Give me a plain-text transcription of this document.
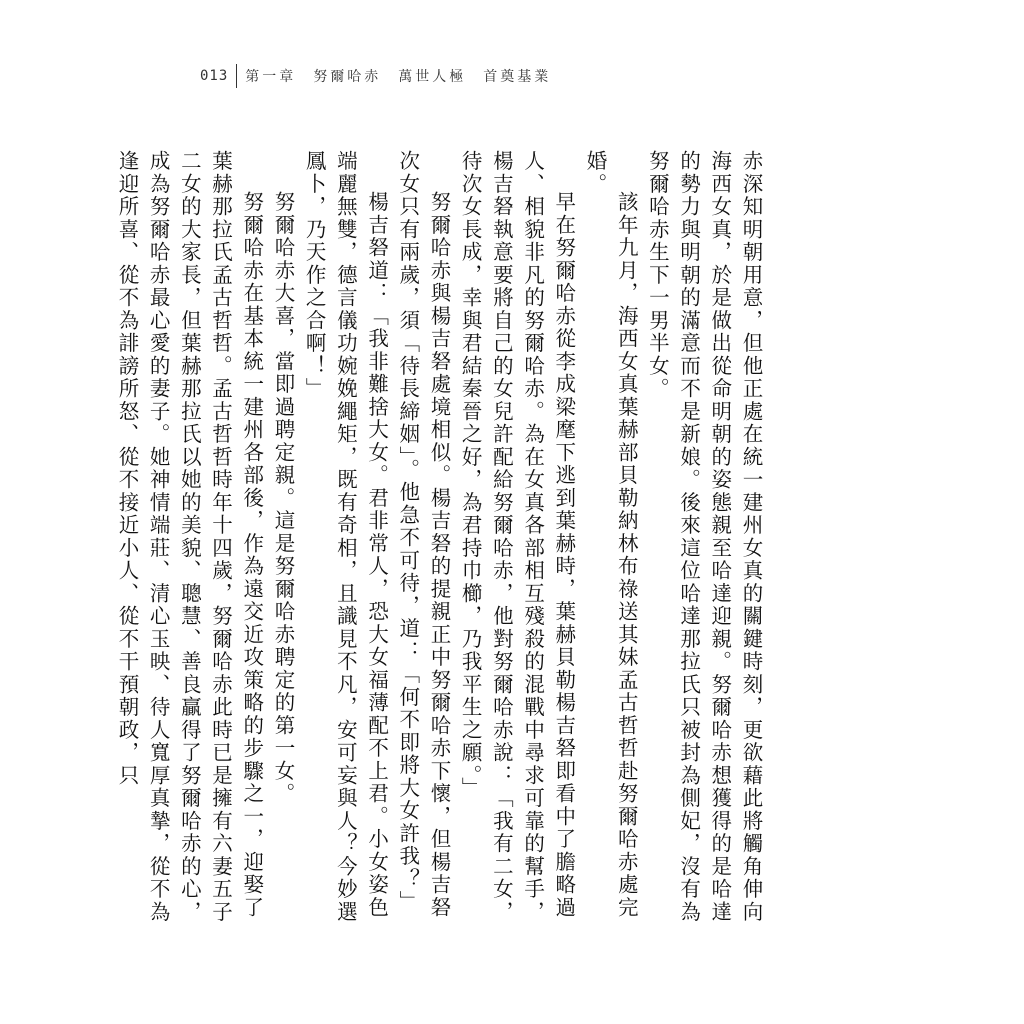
013	第一章　努爾哈赤　萬世人極　首奠基業

赤深知明朝用意，但他正處在統一建州女真的關鍵時刻，更欲藉此將觸角伸向海西女真，於是做出從命明朝的姿態親至哈達迎親。努爾哈赤想獲得的是哈達的勢力與明朝的滿意而不是新娘。後來這位哈達那拉氏只被封為側妃，沒有為努爾哈赤生下一男半女。

該年九月，海西女真葉赫部貝勒納林布祿送其妹孟古哲哲赴努爾哈赤處完婚。

早在努爾哈赤從李成梁麾下逃到葉赫時，葉赫貝勒楊吉砮即看中了膽略過人、相貌非凡的努爾哈赤。為在女真各部相互殘殺的混戰中尋求可靠的幫手，楊吉砮執意要將自己的女兒許配給努爾哈赤，他對努爾哈赤說：「我有二女，待次女長成，幸與君結秦晉之好，為君持巾櫛，乃我平生之願。」

努爾哈赤與楊吉砮處境相似。楊吉砮的提親正中努爾哈赤下懷，但楊吉砮次女只有兩歲，須「待長締姻」。他急不可待，道：「何不即將大女許我？」

楊吉砮道：「我非難捨大女。君非常人，恐大女福薄配不上君。小女姿色端麗無雙，德言儀功婉娩繩矩，既有奇相，且識見不凡，安可妄與人？今妙選鳳卜，乃天作之合啊！」

努爾哈赤大喜，當即過聘定親。這是努爾哈赤聘定的第一女。

努爾哈赤在基本統一建州各部後，作為遠交近攻策略的步驟之一，迎娶了葉赫那拉氏孟古哲哲。孟古哲哲時年十四歲，努爾哈赤此時已是擁有六妻五子二女的大家長，但葉赫那拉氏以她的美貌、聰慧、善良贏得了努爾哈赤的心，成為努爾哈赤最心愛的妻子。她神情端莊、清心玉映、待人寬厚真摯，從不為逢迎所喜、從不為誹謗所怒、從不接近小人、從不干預朝政，只
